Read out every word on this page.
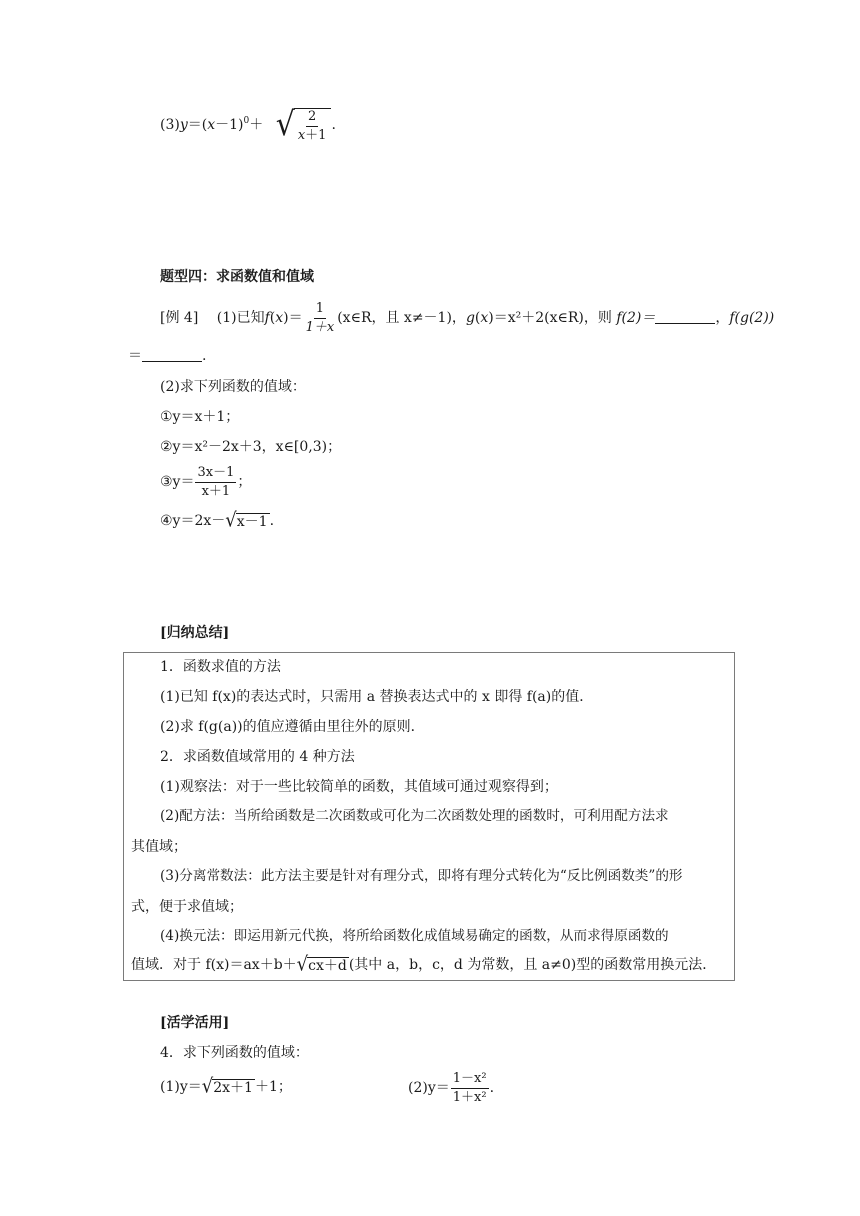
$(3)y=(x-1)^0+$ √ $\frac{2}{x+1}$ .
题型四：求函数值和值域
[例 4] (1)已知$f(x)= \frac{1}{1+x}$ (x∈R，且 x≠－1)，g(x)＝x²＋2(x∈R)，则 f(2)＝	，f(g(2))
＝	.
(2)求下列函数的值域：
①y＝x＋1；
②y＝x²－2x＋3，x∈[0,3)；
③y＝ $\frac{3x-1}{x+1}$ ；
④y＝2x－√x－1 .
[归纳总结]
1．函数求值的方法
(1)已知 f(x)的表达式时，只需用 a 替换表达式中的 x 即得 f(a)的值．
(2)求 f(g(a))的值应遵循由里往外的原则．
2．求函数值域常用的 4 种方法
(1)观察法：对于一些比较简单的函数，其值域可通过观察得到；
(2)配方法：当所给函数是二次函数或可化为二次函数处理的函数时，可利用配方法求
其值域；
(3)分离常数法：此方法主要是针对有理分式，即将有理分式转化为“反比例函数类”的形
式，便于求值域；
(4)换元法：即运用新元代换，将所给函数化成值域易确定的函数，从而求得原函数的
值域．对于 f(x)＝ax＋b＋√cx＋d (其中 a，b，c，d 为常数，且 a≠0)型的函数常用换元法．
[活学活用]
4．求下列函数的值域：
(1)y＝√2x＋1 ＋1；	$(2)y= \frac{\text{1－x²}}{\text{1＋x²}}$ .
